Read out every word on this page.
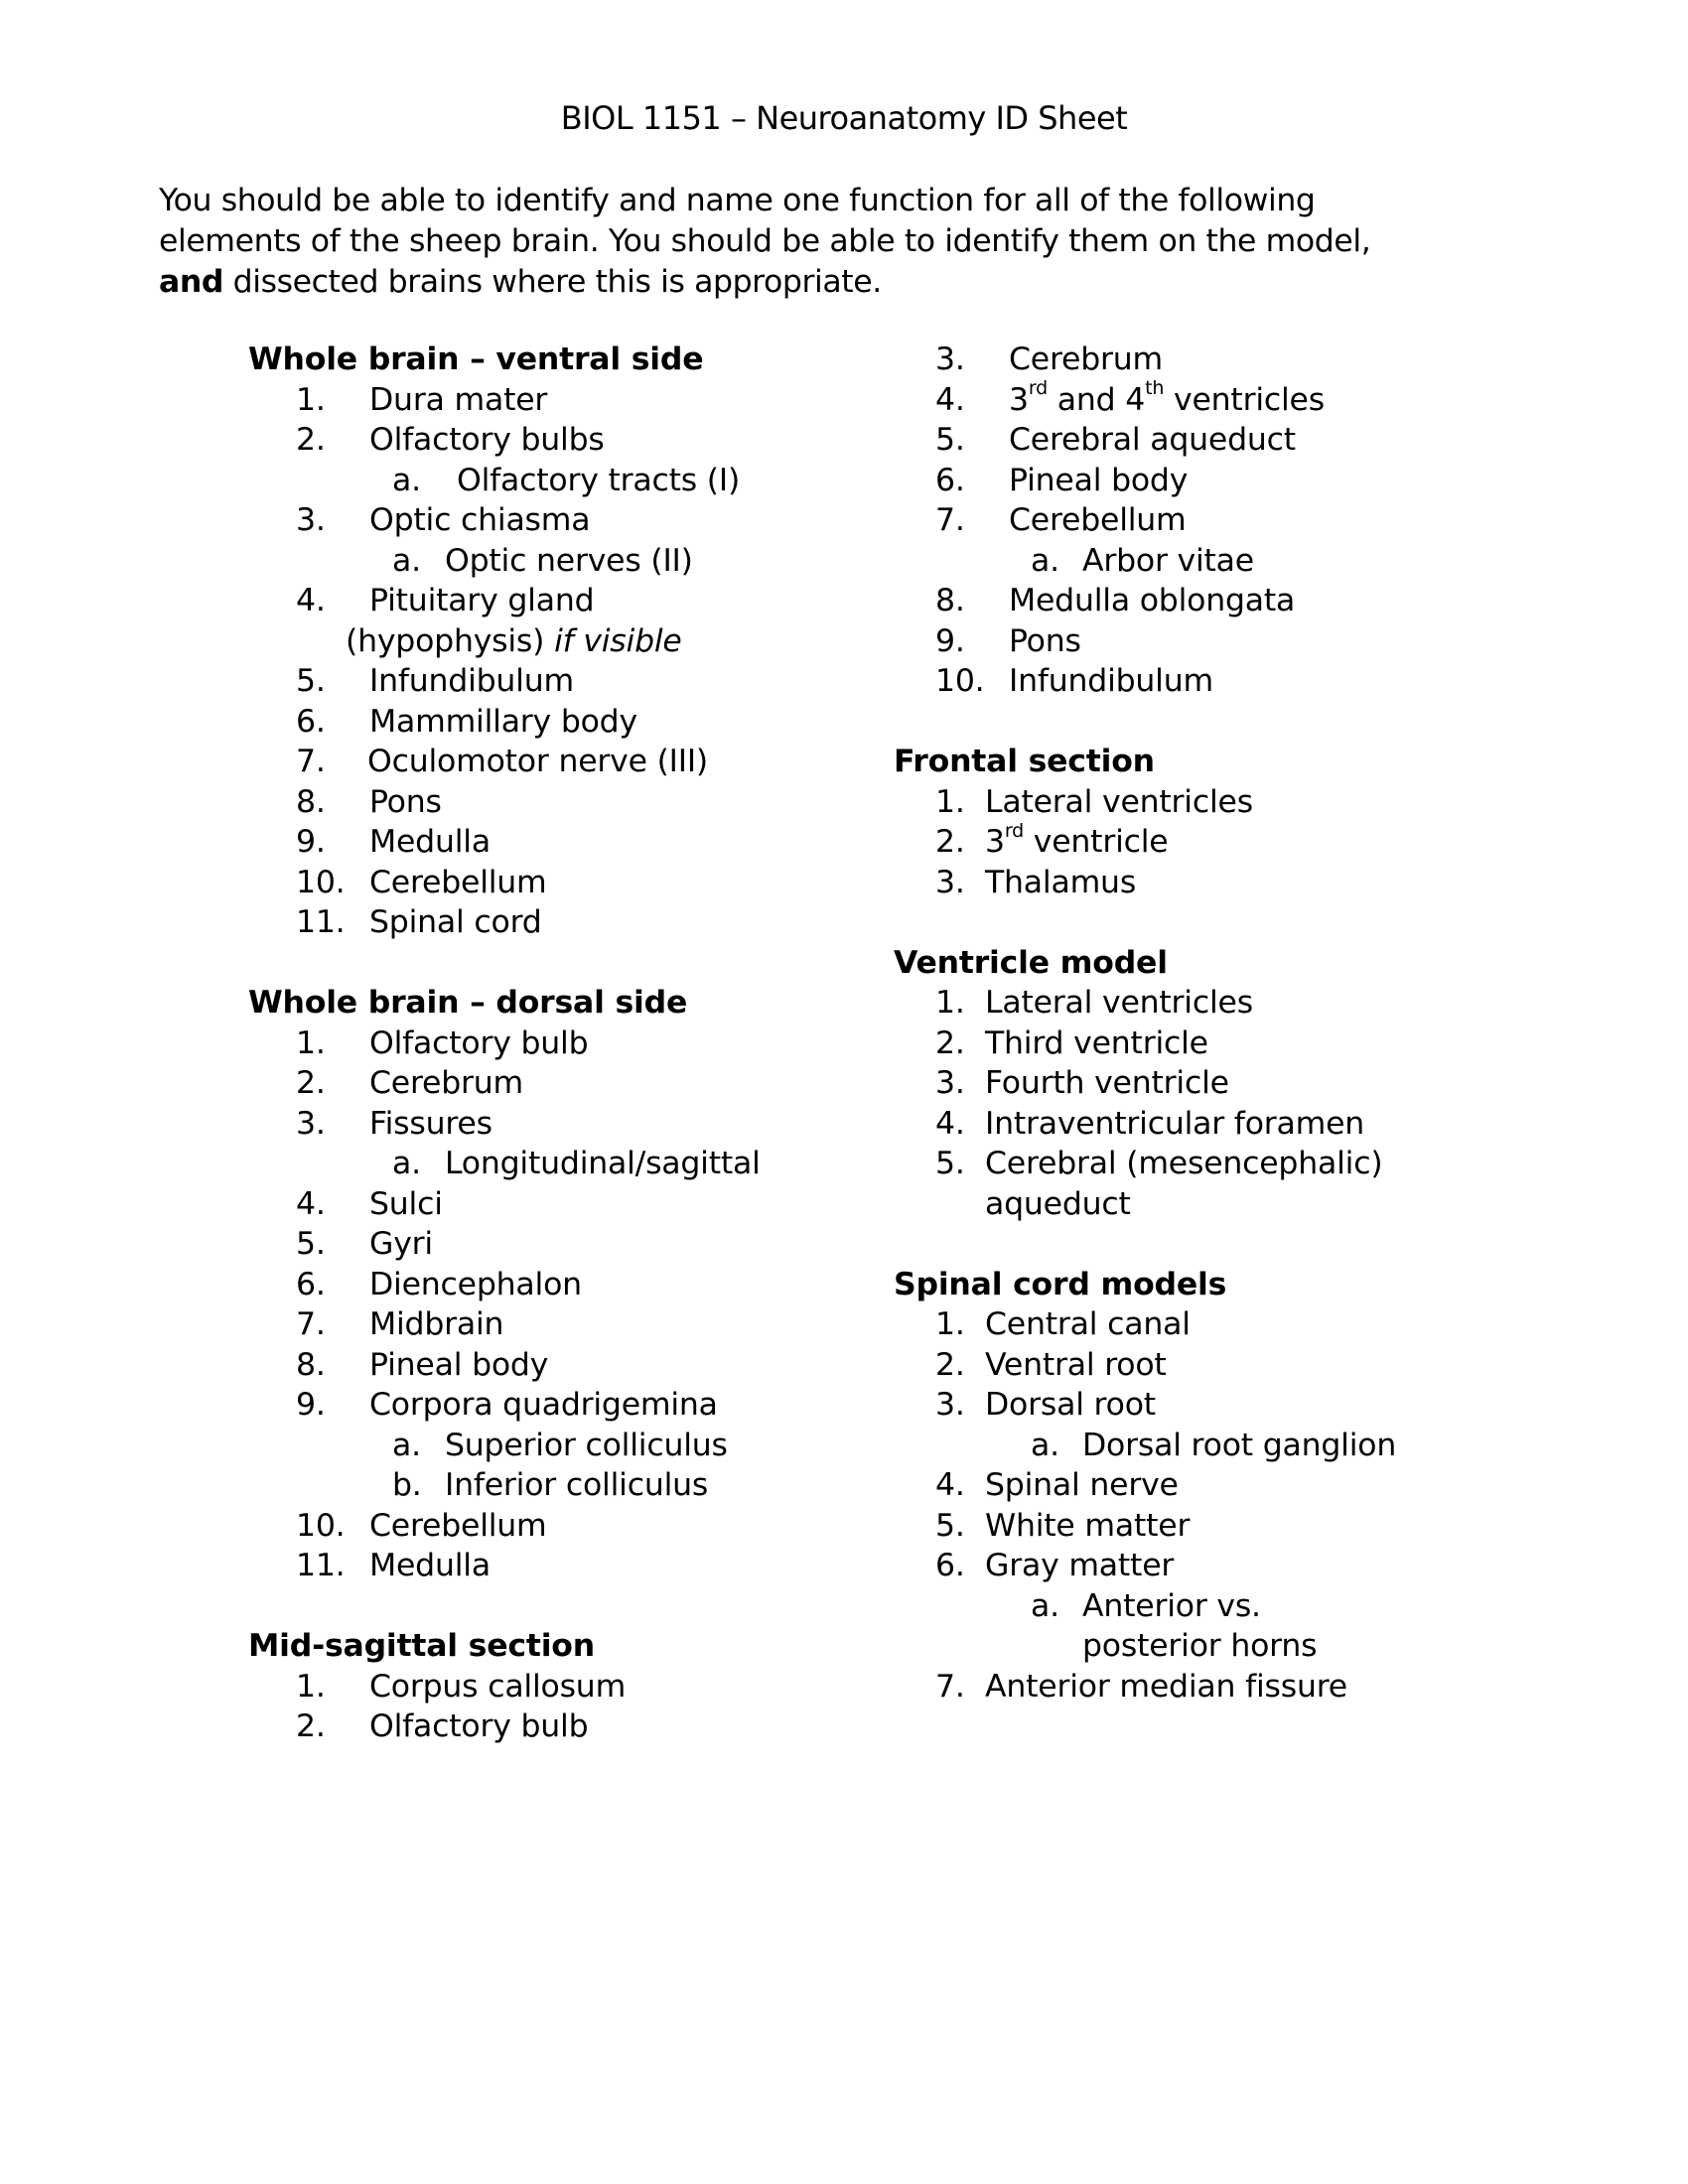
BIOL 1151 – Neuroanatomy ID Sheet
You should be able to identify and name one function for all of the following
elements of the sheep brain. You should be able to identify them on the model,
and dissected brains where this is appropriate.
Whole brain – ventral side
1. Dura mater
2. Olfactory bulbs
a. Olfactory tracts (I)
3. Optic chiasma
a. Optic nerves (II)
4. Pituitary gland
(hypophysis) if visible
5. Infundibulum
6. Mammillary body
7. Oculomotor nerve (III)
8. Pons
9. Medulla
10. Cerebellum
11. Spinal cord
Whole brain – dorsal side
1. Olfactory bulb
2. Cerebrum
3. Fissures
a. Longitudinal/sagittal
4. Sulci
5. Gyri
6. Diencephalon
7. Midbrain
8. Pineal body
9. Corpora quadrigemina
a. Superior colliculus
b. Inferior colliculus
10. Cerebellum
11. Medulla
Mid-sagittal section
1. Corpus callosum
2. Olfactory bulb
3. Cerebrum
4. 3rd and 4th ventricles
5. Cerebral aqueduct
6. Pineal body
7. Cerebellum
a. Arbor vitae
8. Medulla oblongata
9. Pons
10. Infundibulum
Frontal section
1. Lateral ventricles
2. 3rd ventricle
3. Thalamus
Ventricle model
1. Lateral ventricles
2. Third ventricle
3. Fourth ventricle
4. Intraventricular foramen
5. Cerebral (mesencephalic)
aqueduct
Spinal cord models
1. Central canal
2. Ventral root
3. Dorsal root
a. Dorsal root ganglion
4. Spinal nerve
5. White matter
6. Gray matter
a. Anterior vs.
posterior horns
7. Anterior median fissure
